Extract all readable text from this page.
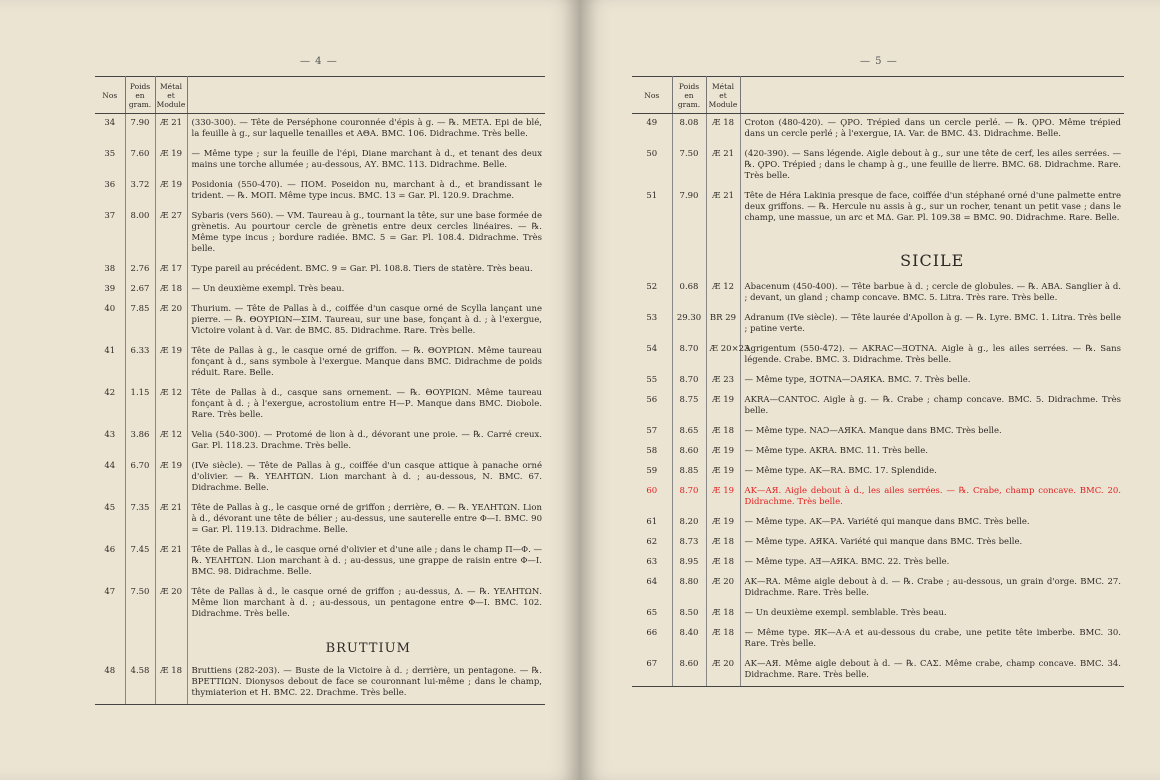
— 4 —
Nos	Poids en gram.	Métal et Module	
34	7.90	Æ 21	(330-300). — Tête de Perséphone couronnée d'épis à g. — ℞. ΜΕΤΑ. Epi de blé, la feuille à g., sur laquelle tenailles et ΑΘΑ. BMC. 106. Didrachme. Très belle.
35	7.60	Æ 19	— Même type ; sur la feuille de l'épi, Diane marchant à d., et tenant des deux mains une torche allumée ; au-dessous, ΑΥ. BMC. 113. Didrachme. Belle.
36	3.72	Æ 19	Posidonia (550-470). — ΠΟΜ. Poseidon nu, marchant à d., et brandissant le trident. — ℞. ΜΟΠ. Même type incus. BMC. 13 = Gar. Pl. 120.9. Drachme.
37	8.00	Æ 27	Sybaris (vers 560). — VΜ. Taureau à g., tournant la tête, sur une base formée de grènetis. Au pourtour cercle de grènetis entre deux cercles linéaires. — ℞. Même type incus ; bordure radiée. BMC. 5 = Gar. Pl. 108.4. Didrachme. Très belle.
38	2.76	Æ 17	Type pareil au précédent. BMC. 9 = Gar. Pl. 108.8. Tiers de statère. Très beau.
39	2.67	Æ 18	— Un deuxième exempl. Très beau.
40	7.85	Æ 20	Thurium. — Tête de Pallas à d., coiffée d'un casque orné de Scylla lançant une pierre. — ℞. ΘΟΥΡΙΩΝ—ΣΙΜ. Taureau, sur une base, fonçant à d. ; à l'exergue, Victoire volant à d. Var. de BMC. 85. Didrachme. Rare. Très belle.
41	6.33	Æ 19	Tête de Pallas à g., le casque orné de griffon. — ℞. ΘΟΥΡΙΩΝ. Même taureau fonçant à d., sans symbole à l'exergue. Manque dans BMC. Didrachme de poids réduit. Rare. Belle.
42	1.15	Æ 12	Tête de Pallas à d., casque sans ornement. — ℞. ΘΟΥΡΙΩΝ. Même taureau fonçant à d. ; à l'exergue, acrostolium entre Η—Ρ. Manque dans BMC. Diobole. Rare. Très belle.
43	3.86	Æ 12	Velia (540-300). — Protomé de lion à d., dévorant une proie. — ℞. Carré creux. Gar. Pl. 118.23. Drachme. Très belle.
44	6.70	Æ 19	(IVe siècle). — Tête de Pallas à g., coiffée d'un casque attique à panache orné d'olivier. — ℞. ΥΕΛΗΤΩΝ. Lion marchant à d. ; au-dessous, Ν. BMC. 67. Didrachme. Belle.
45	7.35	Æ 21	Tête de Pallas à g., le casque orné de griffon ; derrière, Θ. — ℞. ΥΕΛΗΤΩΝ. Lion à d., dévorant une tête de bélier ; au-dessus, une sauterelle entre Φ—Ι. BMC. 90 = Gar. Pl. 119.13. Didrachme. Belle.
46	7.45	Æ 21	Tête de Pallas à d., le casque orné d'olivier et d'une aile ; dans le champ Π—Φ. — ℞. ΥΕΛΗΤΩΝ. Lion marchant à d. ; au-dessus, une grappe de raisin entre Φ—Ι. BMC. 98. Didrachme. Belle.
47	7.50	Æ 20	Tête de Pallas à d., le casque orné de griffon ; au-dessus, Δ. — ℞. ΥΕΛΗΤΩΝ. Même lion marchant à d. ; au-dessous, un pentagone entre Φ—Ι. BMC. 102. Didrachme. Très belle.
			BRUTTIUM
48	4.58	Æ 18	Bruttiens (282-203). — Buste de la Victoire à d. ; derrière, un pentagone. — ℞. ΒΡΕΤΤΙΩΝ. Dionysos debout de face se couronnant lui-même ; dans le champ, thymiaterion et Η. BMC. 22. Drachme. Très belle.
— 5 —
Nos	Poids en gram.	Métal et Module	
49	8.08	Æ 18	Croton (480-420). — ϘΡΟ. Trépied dans un cercle perlé. — ℞. ϘΡΟ. Même trépied dans un cercle perlé ; à l'exergue, ΙΑ. Var. de BMC. 43. Didrachme. Belle.
50	7.50	Æ 21	(420-390). — Sans légende. Aigle debout à g., sur une tête de cerf, les ailes serrées. — ℞. ϘΡΟ. Trépied ; dans le champ à g., une feuille de lierre. BMC. 68. Didrachme. Rare. Très belle.
51	7.90	Æ 21	Tête de Héra Lakinia presque de face, coiffée d'un stéphané orné d'une palmette entre deux griffons. — ℞. Hercule nu assis à g., sur un rocher, tenant un petit vase ; dans le champ, une massue, un arc et ΜΔ. Gar. Pl. 109.38 = BMC. 90. Didrachme. Rare. Belle.
			SICILE
52	0.68	Æ 12	Abacenum (450-400). — Tête barbue à d. ; cercle de globules. — ℞. ΑΒΑ. Sanglier à d. ; devant, un gland ; champ concave. BMC. 5. Litra. Très rare. Très belle.
53	29.30	BR 29	Adranum (IVe siècle). — Tête laurée d'Apollon à g. — ℞. Lyre. BMC. 1. Litra. Très belle ; patine verte.
54	8.70	Æ 20×23	Agrigentum (550-472). — ΑΚRΑC—ƎΟΤΝΑ. Aigle à g., les ailes serrées. — ℞. Sans légende. Crabe. BMC. 3. Didrachme. Très belle.
55	8.70	Æ 23	— Même type, ƎΟΤΝΑ—ƆΑЯΚΑ. BMC. 7. Très belle.
56	8.75	Æ 19	ΑΚRΑ—CΑΝΤΟC. Aigle à g. — ℞. Crabe ; champ concave. BMC. 5. Didrachme. Très belle.
57	8.65	Æ 18	— Même type. ΝΑƆ—ΑЯΚΑ. Manque dans BMC. Très belle.
58	8.60	Æ 19	— Même type. ΑΚRΑ. BMC. 11. Très belle.
59	8.85	Æ 19	— Même type. ΑΚ—RΑ. BMC. 17. Splendide.
60	8.70	Æ 19	ΑΚ—ΑЯ. Aigle debout à d., les ailes serrées. — ℞. Crabe, champ concave. BMC. 20. Didrachme. Très belle.
61	8.20	Æ 19	— Même type. ΑΚ—ΡΑ. Variété qui manque dans BMC. Très belle.
62	8.73	Æ 18	— Même type. ΑЯΚΑ. Variété qui manque dans BMC. Très belle.
63	8.95	Æ 18	— Même type. ΑƎ—ΑЯΚΑ. BMC. 22. Très belle.
64	8.80	Æ 20	ΑΚ—RΑ. Même aigle debout à d. — ℞. Crabe ; au-dessous, un grain d'orge. BMC. 27. Didrachme. Rare. Très belle.
65	8.50	Æ 18	— Un deuxième exempl. semblable. Très beau.
66	8.40	Æ 18	— Même type. ЯΚ—Α·Α et au-dessous du crabe, une petite tête imberbe. BMC. 30. Rare. Très belle.
67	8.60	Æ 20	ΑΚ—ΑЯ. Même aigle debout à d. — ℞. CΑΣ. Même crabe, champ concave. BMC. 34. Didrachme. Rare. Très belle.
